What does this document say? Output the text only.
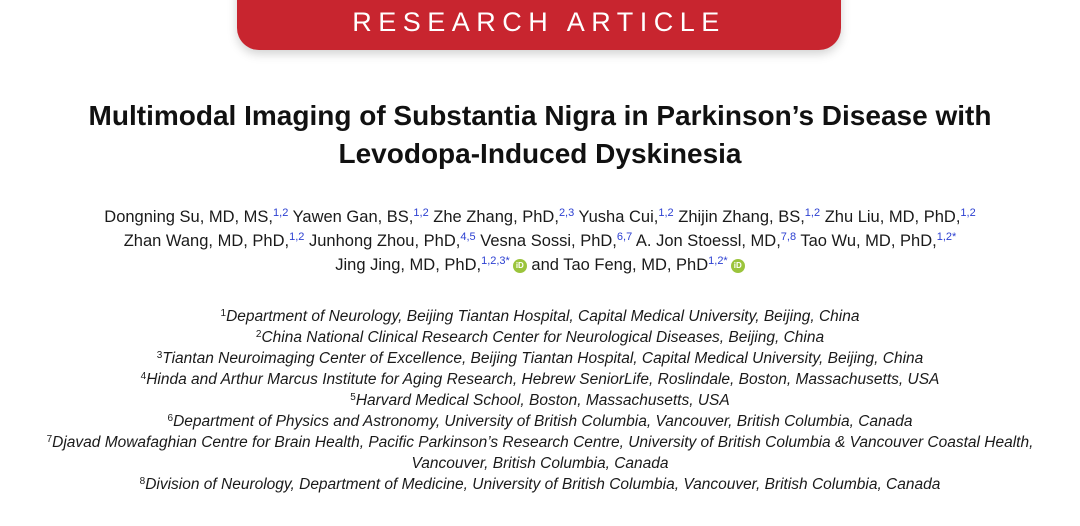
RESEARCH ARTICLE
Multimodal Imaging of Substantia Nigra in Parkinson’s Disease with Levodopa-Induced Dyskinesia
Dongning Su, MD, MS,$^{1,2}$ Yawen Gan, BS,$^{1,2}$ Zhe Zhang, PhD,$^{2,3}$ Yusha Cui,$^{1,2}$ Zhijin Zhang, BS,$^{1,2}$ Zhu Liu, MD, PhD,$^{1,2}$
Zhan Wang, MD, PhD,$^{1,2}$ Junhong Zhou, PhD,$^{4,5}$ Vesna Sossi, PhD,$^{6,7}$ A. Jon Stoessl, MD,$^{7,8}$ Tao Wu, MD, PhD,$^{1,2*}$
Jing Jing, MD, PhD,$^{1,2,3*}$ iD and Tao Feng, MD, PhD$^{1,2*}$ iD
$^1$Department of Neurology, Beijing Tiantan Hospital, Capital Medical University, Beijing, China
$^2$China National Clinical Research Center for Neurological Diseases, Beijing, China
$^3$Tiantan Neuroimaging Center of Excellence, Beijing Tiantan Hospital, Capital Medical University, Beijing, China
$^4$Hinda and Arthur Marcus Institute for Aging Research, Hebrew SeniorLife, Roslindale, Boston, Massachusetts, USA
$^5$Harvard Medical School, Boston, Massachusetts, USA
$^6$Department of Physics and Astronomy, University of British Columbia, Vancouver, British Columbia, Canada
$^7$Djavad Mowafaghian Centre for Brain Health, Pacific Parkinson’s Research Centre, University of British Columbia & Vancouver Coastal Health, Vancouver, British Columbia, Canada
$^8$Division of Neurology, Department of Medicine, University of British Columbia, Vancouver, British Columbia, Canada
